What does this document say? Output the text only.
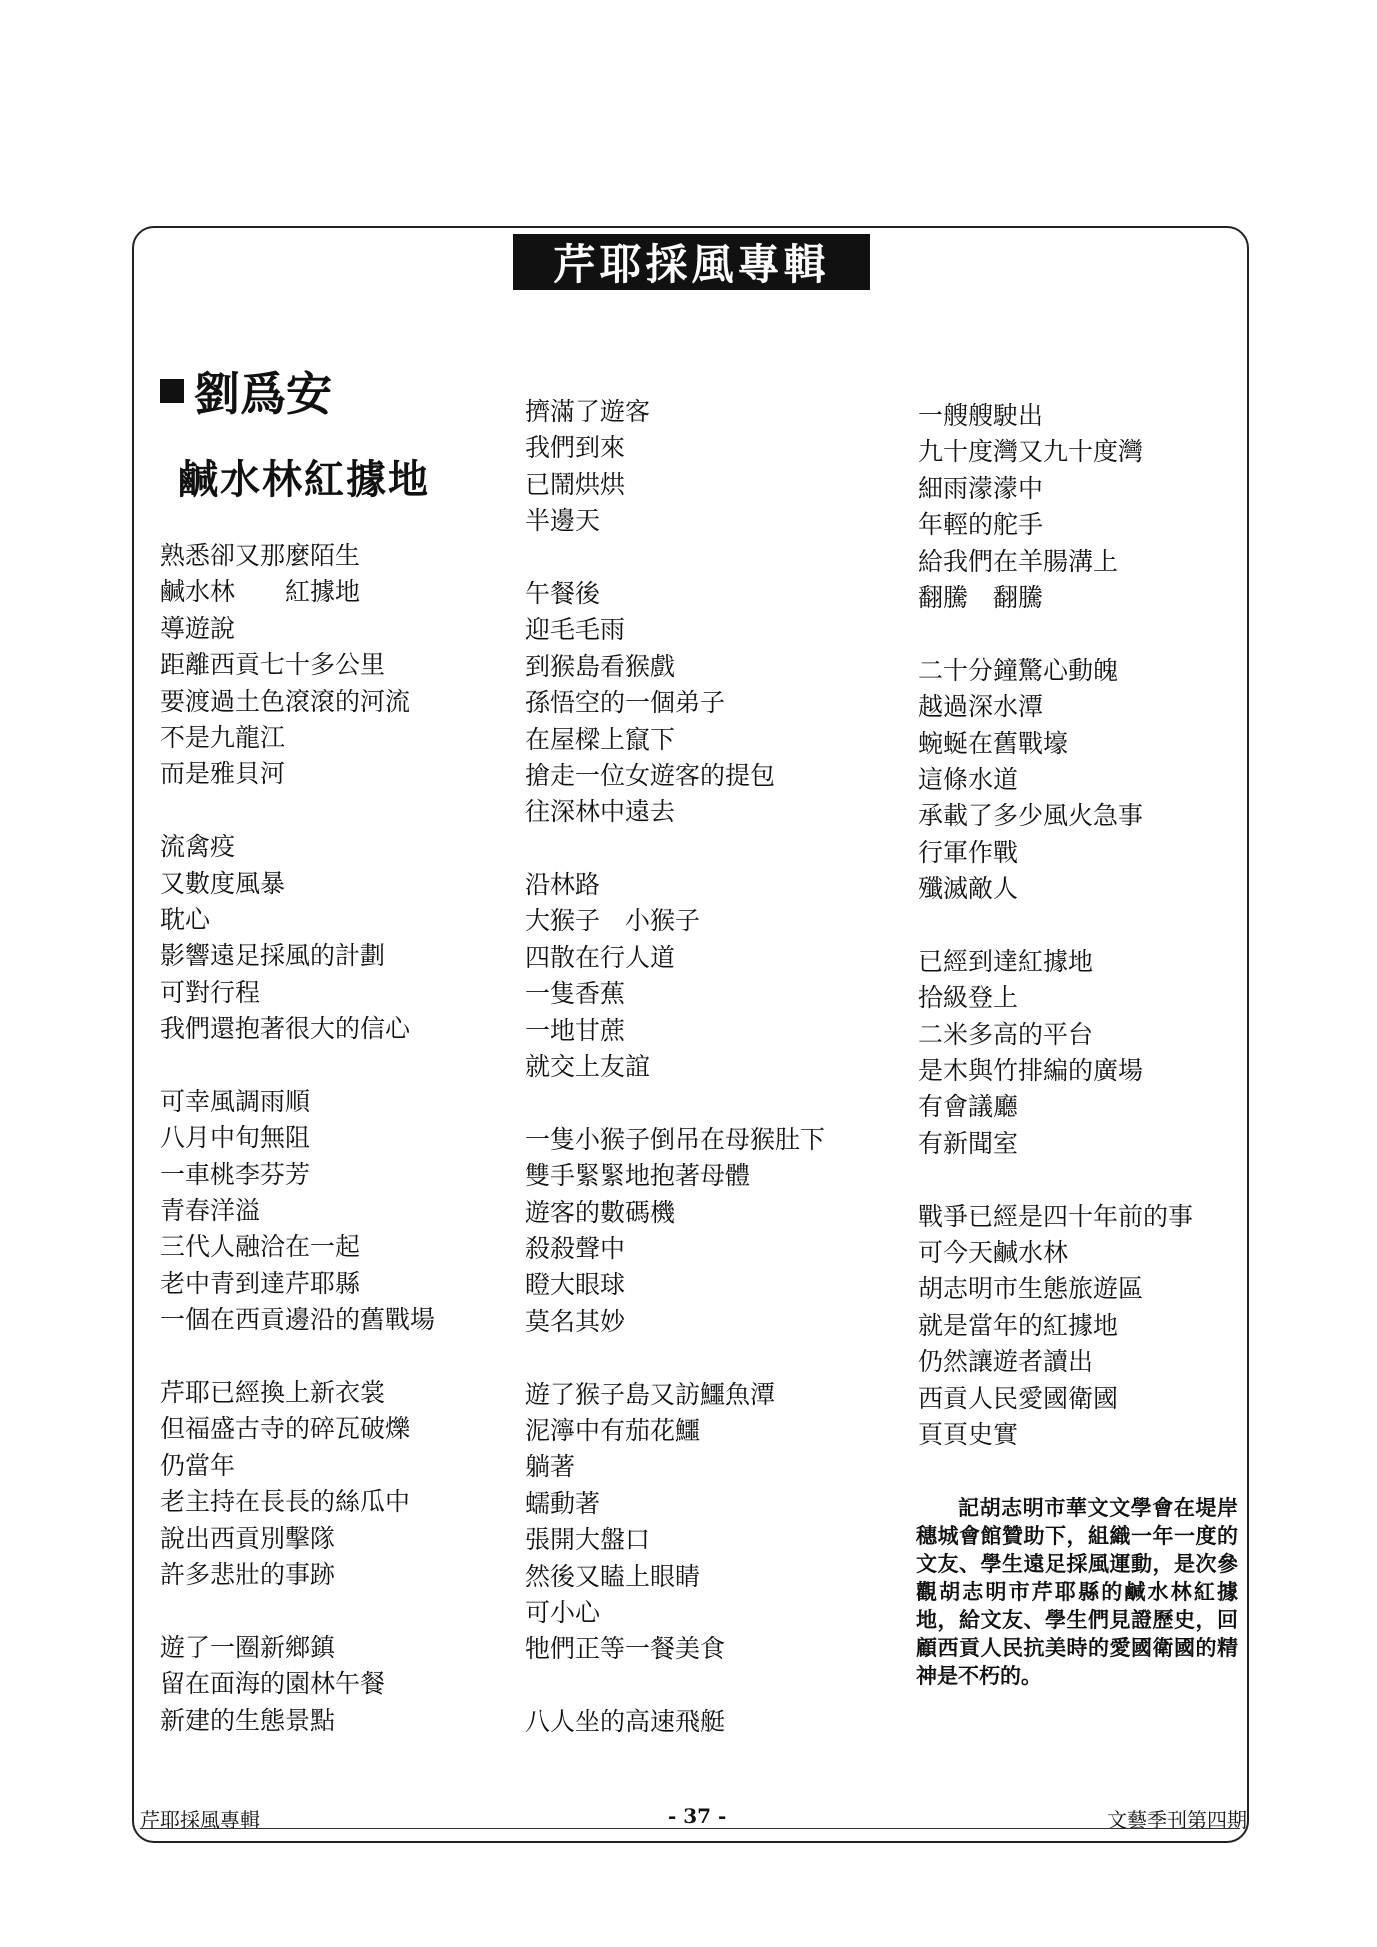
芹耶採風專輯
劉爲安
鹹水林紅據地
熟悉卻又那麼陌生
鹹水林　　紅據地
導遊說
距離西貢七十多公里
要渡過土色滾滾的河流
不是九龍江
而是雅貝河
流禽疫
又數度風暴
耽心
影響遠足採風的計劃
可對行程
我們還抱著很大的信心
可幸風調雨順
八月中旬無阻
一車桃李芬芳
青春洋溢
三代人融洽在一起
老中青到達芹耶縣
一個在西貢邊沿的舊戰場
芹耶已經換上新衣裳
但福盛古寺的碎瓦破爍
仍當年
老主持在長長的絲瓜中
說出西貢別擊隊
許多悲壯的事跡
遊了一圈新鄉鎮
留在面海的園林午餐
新建的生態景點
擠滿了遊客
我們到來
已鬧烘烘
半邊天
午餐後
迎毛毛雨
到猴島看猴戲
孫悟空的一個弟子
在屋樑上竄下
搶走一位女遊客的提包
往深林中遠去
沿林路
大猴子　小猴子
四散在行人道
一隻香蕉
一地甘蔗
就交上友誼
一隻小猴子倒吊在母猴肚下
雙手緊緊地抱著母體
遊客的數碼機
殺殺聲中
瞪大眼球
莫名其妙
遊了猴子島又訪鱷魚潭
泥濘中有茄花鱷
躺著
蠕動著
張開大盤口
然後又瞌上眼睛
可小心
牠們正等一餐美食
八人坐的高速飛艇
一艘艘駛出
九十度灣又九十度灣
細雨濛濛中
年輕的舵手
給我們在羊腸溝上
翻騰　翻騰
二十分鐘驚心動魄
越過深水潭
蜿蜒在舊戰壕
這條水道
承載了多少風火急事
行軍作戰
殲滅敵人
已經到達紅據地
拾級登上
二米多高的平台
是木與竹排編的廣場
有會議廳
有新聞室
戰爭已經是四十年前的事
可今天鹹水林
胡志明市生態旅遊區
就是當年的紅據地
仍然讓遊者讀出
西貢人民愛國衛國
頁頁史實
記胡志明市華文文學會在堤岸穗城會館贊助下，組織一年一度的文友、學生遠足採風運動，是次參觀胡志明市芹耶縣的鹹水林紅據地，給文友、學生們見證歷史，回顧西貢人民抗美時的愛國衛國的精神是不朽的。
芹耶採風專輯	- 37 -	文藝季刊第四期
